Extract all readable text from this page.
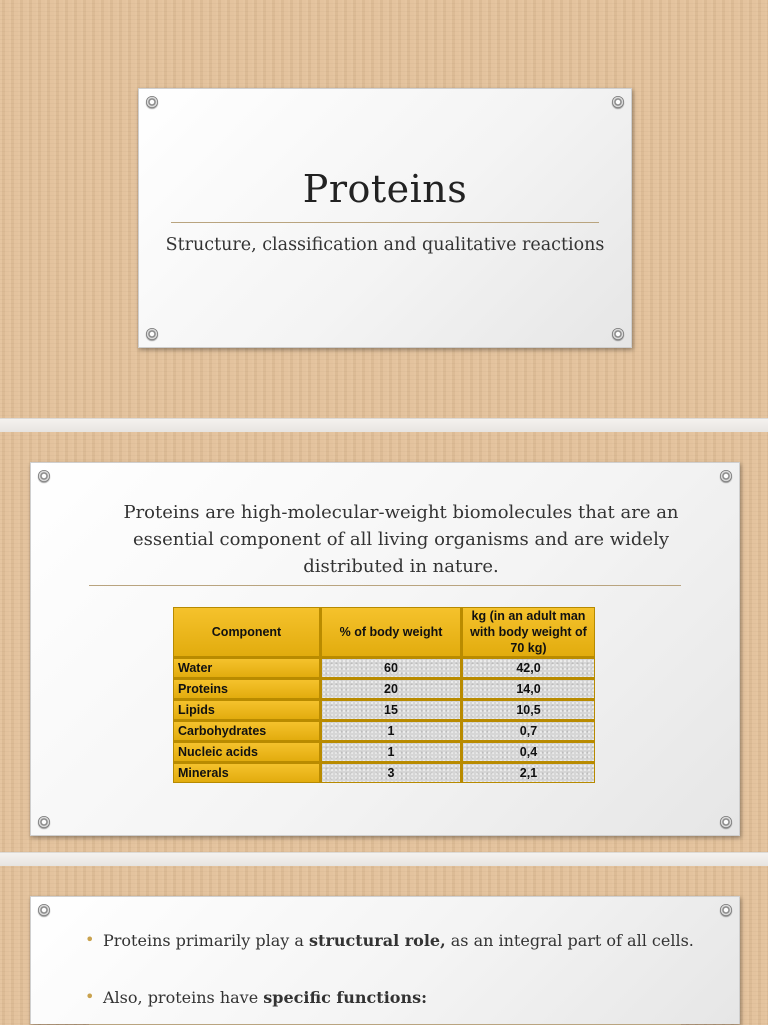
Proteins
Structure, classification and qualitative reactions
Proteins are high-molecular-weight biomolecules that are an essential component of all living organisms and are widely distributed in nature.
Component	% of body weight	kg (in an adult man with body weight of 70 kg)
Water	60	42,0
Proteins	20	14,0
Lipids	15	10,5
Carbohydrates	1	0,7
Nucleic acids	1	0,4
Minerals	3	2,1
• Proteins primarily play a structural role, as an integral part of all cells.
• Also, proteins have specific functions:
